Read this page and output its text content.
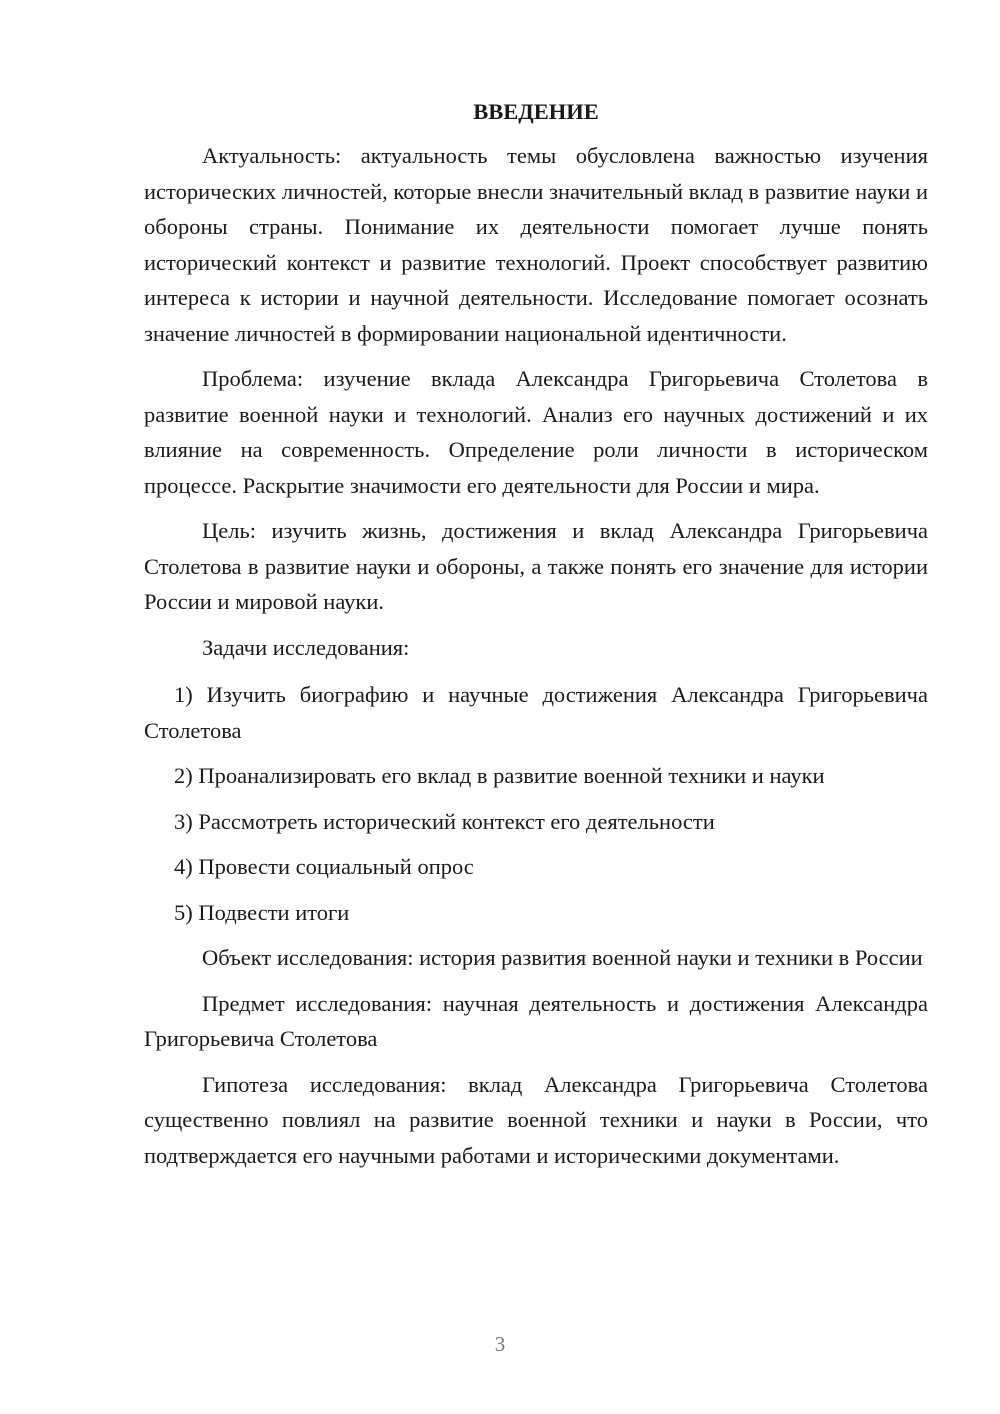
ВВЕДЕНИЕ

Актуальность: актуальность темы обусловлена важностью изучения исторических личностей, которые внесли значительный вклад в развитие науки и обороны страны. Понимание их деятельности помогает лучше понять исторический контекст и развитие технологий. Проект способствует развитию интереса к истории и научной деятельности. Исследование помогает осознать значение личностей в формировании национальной идентичности.

Проблема: изучение вклада Александра Григорьевича Столетова в развитие военной науки и технологий. Анализ его научных достижений и их влияние на современность. Определение роли личности в историческом процессе. Раскрытие значимости его деятельности для России и мира.

Цель: изучить жизнь, достижения и вклад Александра Григорьевича Столетова в развитие науки и обороны, а также понять его значение для истории России и мировой науки.

Задачи исследования:

1) Изучить биографию и научные достижения Александра Григорьевича Столетова

2) Проанализировать его вклад в развитие военной техники и науки

3) Рассмотреть исторический контекст его деятельности

4) Провести социальный опрос

5) Подвести итоги

Объект исследования: история развития военной науки и техники в России

Предмет исследования: научная деятельность и достижения Александра Григорьевича Столетова

Гипотеза исследования: вклад Александра Григорьевича Столетова существенно повлиял на развитие военной техники и науки в России, что подтверждается его научными работами и историческими документами.

3
